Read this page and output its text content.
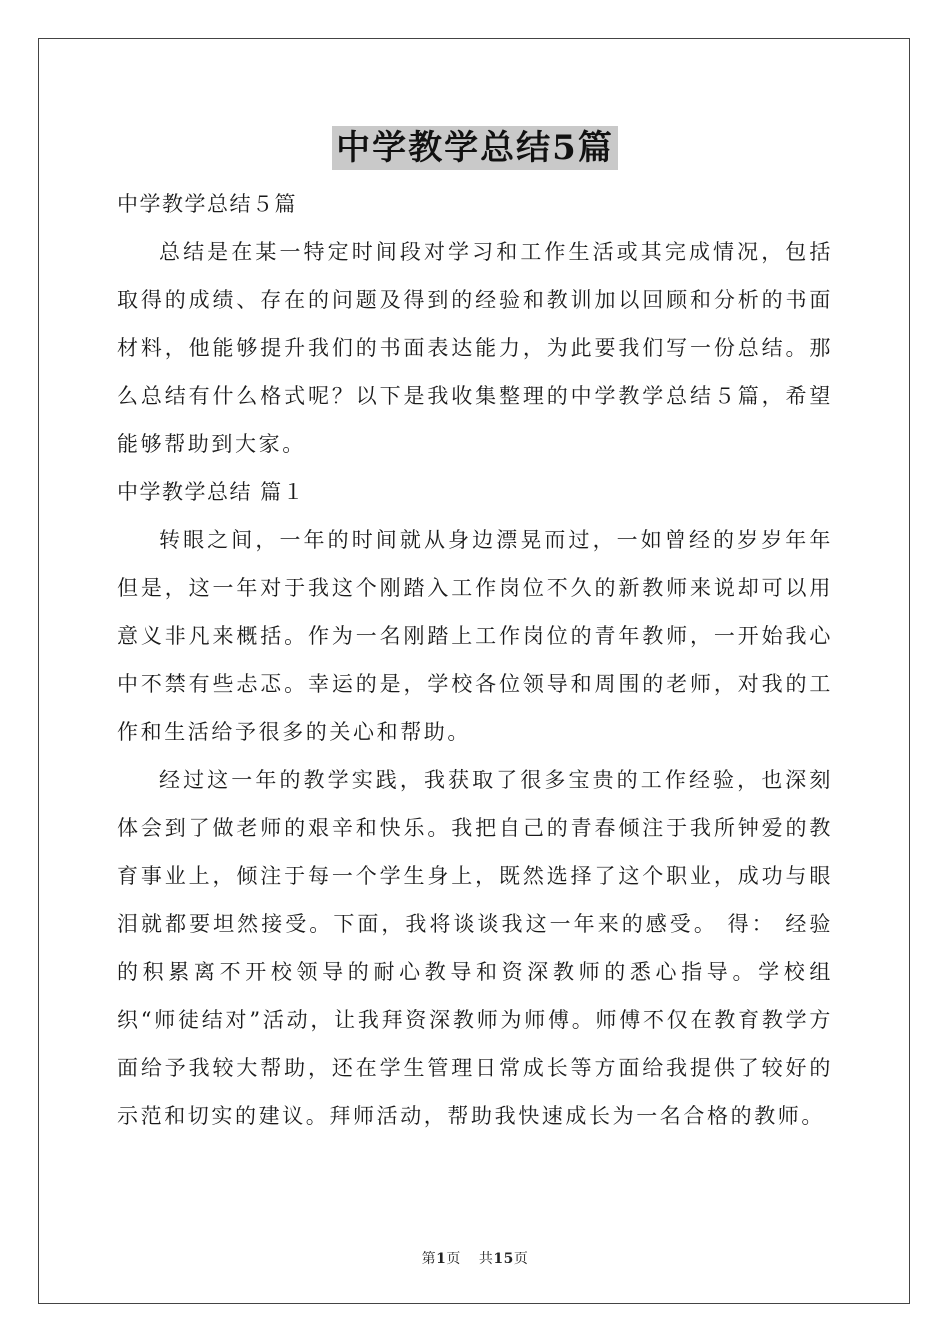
中学教学总结5篇

中学教学总结５篇

总结是在某一特定时间段对学习和工作生活或其完成情况，包括取得的成绩、存在的问题及得到的经验和教训加以回顾和分析的书面材料，他能够提升我们的书面表达能力，为此要我们写一份总结。那么总结有什么格式呢？以下是我收集整理的中学教学总结５篇，希望能够帮助到大家。

中学教学总结 篇１

转眼之间，一年的时间就从身边漂晃而过，一如曾经的岁岁年年但是，这一年对于我这个刚踏入工作岗位不久的新教师来说却可以用意义非凡来概括。作为一名刚踏上工作岗位的青年教师，一开始我心中不禁有些忐忑。幸运的是，学校各位领导和周围的老师，对我的工作和生活给予很多的关心和帮助。

经过这一年的教学实践，我获取了很多宝贵的工作经验，也深刻体会到了做老师的艰辛和快乐。我把自己的青春倾注于我所钟爱的教育事业上，倾注于每一个学生身上，既然选择了这个职业，成功与眼泪就都要坦然接受。下面，我将谈谈我这一年来的感受。 得： 经验的积累离不开校领导的耐心教导和资深教师的悉心指导。学校组织“师徒结对”活动，让我拜资深教师为师傅。师傅不仅在教育教学方面给予我较大帮助，还在学生管理日常成长等方面给我提供了较好的示范和切实的建议。拜师活动，帮助我快速成长为一名合格的教师。

第1页 共15页
